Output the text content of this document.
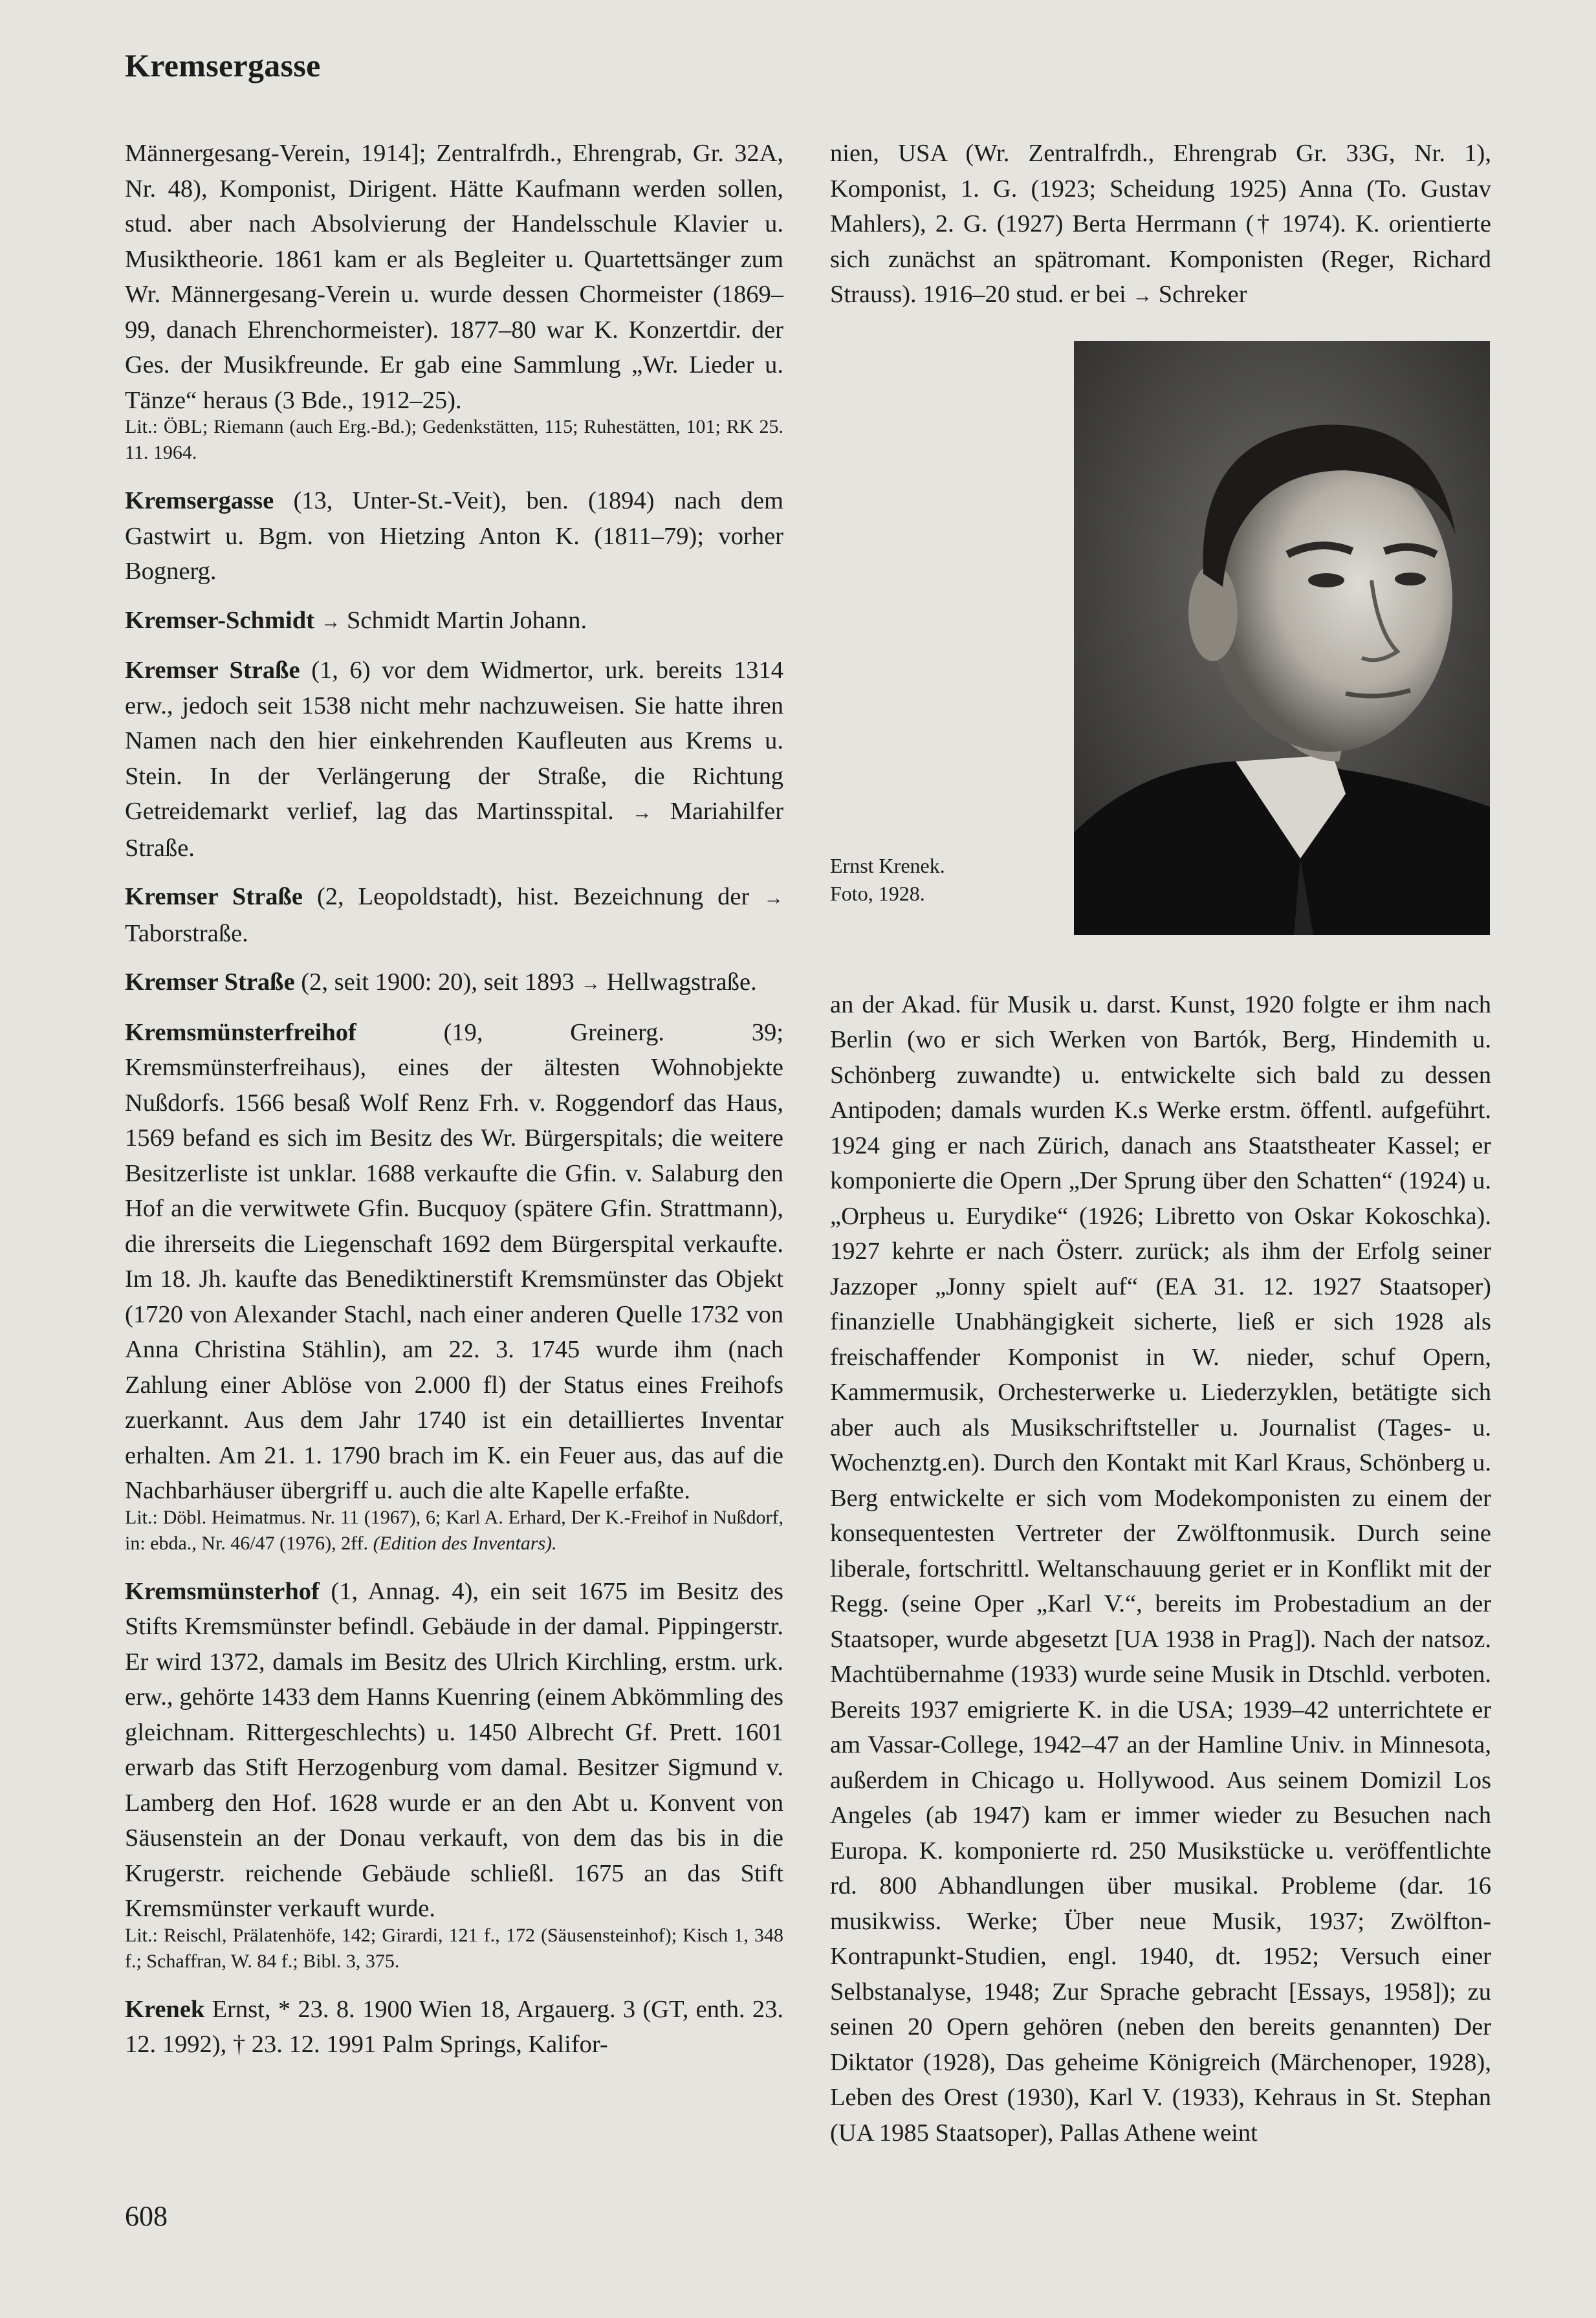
Kremsergasse

Männergesang-Verein, 1914]; Zentralfrdh., Ehrengrab, Gr. 32A, Nr. 48), Komponist, Dirigent. Hätte Kaufmann werden sollen, stud. aber nach Absolvierung der Handelsschule Klavier u. Musiktheorie. 1861 kam er als Begleiter u. Quartettsänger zum Wr. Männergesang-Verein u. wurde dessen Chormeister (1869–99, danach Ehrenchormeister). 1877–80 war K. Konzertdir. der Ges. der Musikfreunde. Er gab eine Sammlung „Wr. Lieder u. Tänze“ heraus (3 Bde., 1912–25).

Lit.: ÖBL; Riemann (auch Erg.-Bd.); Gedenkstätten, 115; Ruhestätten, 101; RK 25. 11. 1964.

Kremsergasse (13, Unter-St.-Veit), ben. (1894) nach dem Gastwirt u. Bgm. von Hietzing Anton K. (1811–79); vorher Bognerg.

Kremser-Schmidt → Schmidt Martin Johann.

Kremser Straße (1, 6) vor dem Widmertor, urk. bereits 1314 erw., jedoch seit 1538 nicht mehr nachzuweisen. Sie hatte ihren Namen nach den hier einkehrenden Kaufleuten aus Krems u. Stein. In der Verlängerung der Straße, die Richtung Getreidemarkt verlief, lag das Martinsspital. → Mariahilfer Straße.

Kremser Straße (2, Leopoldstadt), hist. Bezeichnung der → Taborstraße.

Kremser Straße (2, seit 1900: 20), seit 1893 → Hellwagstraße.

Kremsmünsterfreihof	(19, Greinerg. 39; Kremsmünsterfreihaus), eines der ältesten Wohnobjekte Nußdorfs. 1566 besaß Wolf Renz Frh. v. Roggendorf das Haus, 1569 befand es sich im Besitz des Wr. Bürgerspitals; die weitere Besitzerliste ist unklar. 1688 verkaufte die Gfin. v. Salaburg den Hof an die verwitwete Gfin. Bucquoy (spätere Gfin. Strattmann), die ihrerseits die Liegenschaft 1692 dem Bürgerspital verkaufte. Im 18. Jh. kaufte das Benediktinerstift Kremsmünster das Objekt (1720 von Alexander Stachl, nach einer anderen Quelle 1732 von Anna Christina Stählin), am 22. 3. 1745 wurde ihm (nach Zahlung einer Ablöse von 2.000 fl) der Status eines Freihofs zuerkannt. Aus dem Jahr 1740 ist ein detailliertes Inventar erhalten. Am 21. 1. 1790 brach im K. ein Feuer aus, das auf die Nachbarhäuser übergriff u. auch die alte Kapelle erfaßte.

Lit.: Döbl. Heimatmus. Nr. 11 (1967), 6; Karl A. Erhard, Der K.-Freihof in Nußdorf, in: ebda., Nr. 46/47 (1976), 2ff. (Edition des Inventars).

Kremsmünsterhof (1, Annag. 4), ein seit 1675 im Besitz des Stifts Kremsmünster befindl. Gebäude in der damal. Pippingerstr. Er wird 1372, damals im Besitz des Ulrich Kirchling, erstm. urk. erw., gehörte 1433 dem Hanns Kuenring (einem Abkömmling des gleichnam. Rittergeschlechts) u. 1450 Albrecht Gf. Prett. 1601 erwarb das Stift Herzogenburg vom damal. Besitzer Sigmund v. Lamberg den Hof. 1628 wurde er an den Abt u. Konvent von Säusenstein an der Donau verkauft, von dem das bis in die Krugerstr. reichende Gebäude schließl. 1675 an das Stift Kremsmünster verkauft wurde.

Lit.: Reischl, Prälatenhöfe, 142; Girardi, 121 f., 172 (Säusensteinhof); Kisch 1, 348 f.; Schaffran, W. 84 f.; Bibl. 3, 375.

Krenek Ernst, * 23. 8. 1900 Wien 18, Argauerg. 3 (GT, enth. 23. 12. 1992), † 23. 12. 1991 Palm Springs, Kalifor-

nien, USA (Wr. Zentralfrdh., Ehrengrab Gr. 33G, Nr. 1), Komponist, 1. G. (1923; Scheidung 1925) Anna (To. Gustav Mahlers), 2. G. (1927) Berta Herrmann († 1974). K. orientierte sich zunächst an spätromant. Komponisten (Reger, Richard Strauss). 1916–20 stud. er bei → Schreker

Ernst Krenek.
Foto, 1928.

an der Akad. für Musik u. darst. Kunst, 1920 folgte er ihm nach Berlin (wo er sich Werken von Bartók, Berg, Hindemith u. Schönberg zuwandte) u. entwickelte sich bald zu dessen Antipoden; damals wurden K.s Werke erstm. öffentl. aufgeführt. 1924 ging er nach Zürich, danach ans Staatstheater Kassel; er komponierte die Opern „Der Sprung über den Schatten“ (1924) u. „Orpheus u. Eurydike“ (1926; Libretto von Oskar Kokoschka). 1927 kehrte er nach Österr. zurück; als ihm der Erfolg seiner Jazzoper „Jonny spielt auf“ (EA 31. 12. 1927 Staatsoper) finanzielle Unabhängigkeit sicherte, ließ er sich 1928 als freischaffender Komponist in W. nieder, schuf Opern, Kammermusik, Orchesterwerke u. Liederzyklen, betätigte sich aber auch als Musikschriftsteller u. Journalist (Tages- u. Wochenztg.en). Durch den Kontakt mit Karl Kraus, Schönberg u. Berg entwickelte er sich vom Modekomponisten zu einem der konsequentesten Vertreter der Zwölftonmusik. Durch seine liberale, fortschrittl. Weltanschauung geriet er in Konflikt mit der Regg. (seine Oper „Karl V.“, bereits im Probestadium an der Staatsoper, wurde abgesetzt [UA 1938 in Prag]). Nach der natsoz. Machtübernahme (1933) wurde seine Musik in Dtschld. verboten. Bereits 1937 emigrierte K. in die USA; 1939–42 unterrichtete er am Vassar-College, 1942–47 an der Hamline Univ. in Minnesota, außerdem in Chicago u. Hollywood. Aus seinem Domizil Los Angeles (ab 1947) kam er immer wieder zu Besuchen nach Europa. K. komponierte rd. 250 Musikstücke u. veröffentlichte rd. 800 Abhandlungen über musikal. Probleme (dar. 16 musikwiss. Werke; Über neue Musik, 1937; Zwölfton-Kontrapunkt-Studien, engl. 1940, dt. 1952; Versuch einer Selbstanalyse, 1948; Zur Sprache gebracht [Essays, 1958]); zu seinen 20 Opern gehören (neben den bereits genannten) Der Diktator (1928), Das geheime Königreich (Märchenoper, 1928), Leben des Orest (1930), Karl V. (1933), Kehraus in St. Stephan (UA 1985 Staatsoper), Pallas Athene weint

608
